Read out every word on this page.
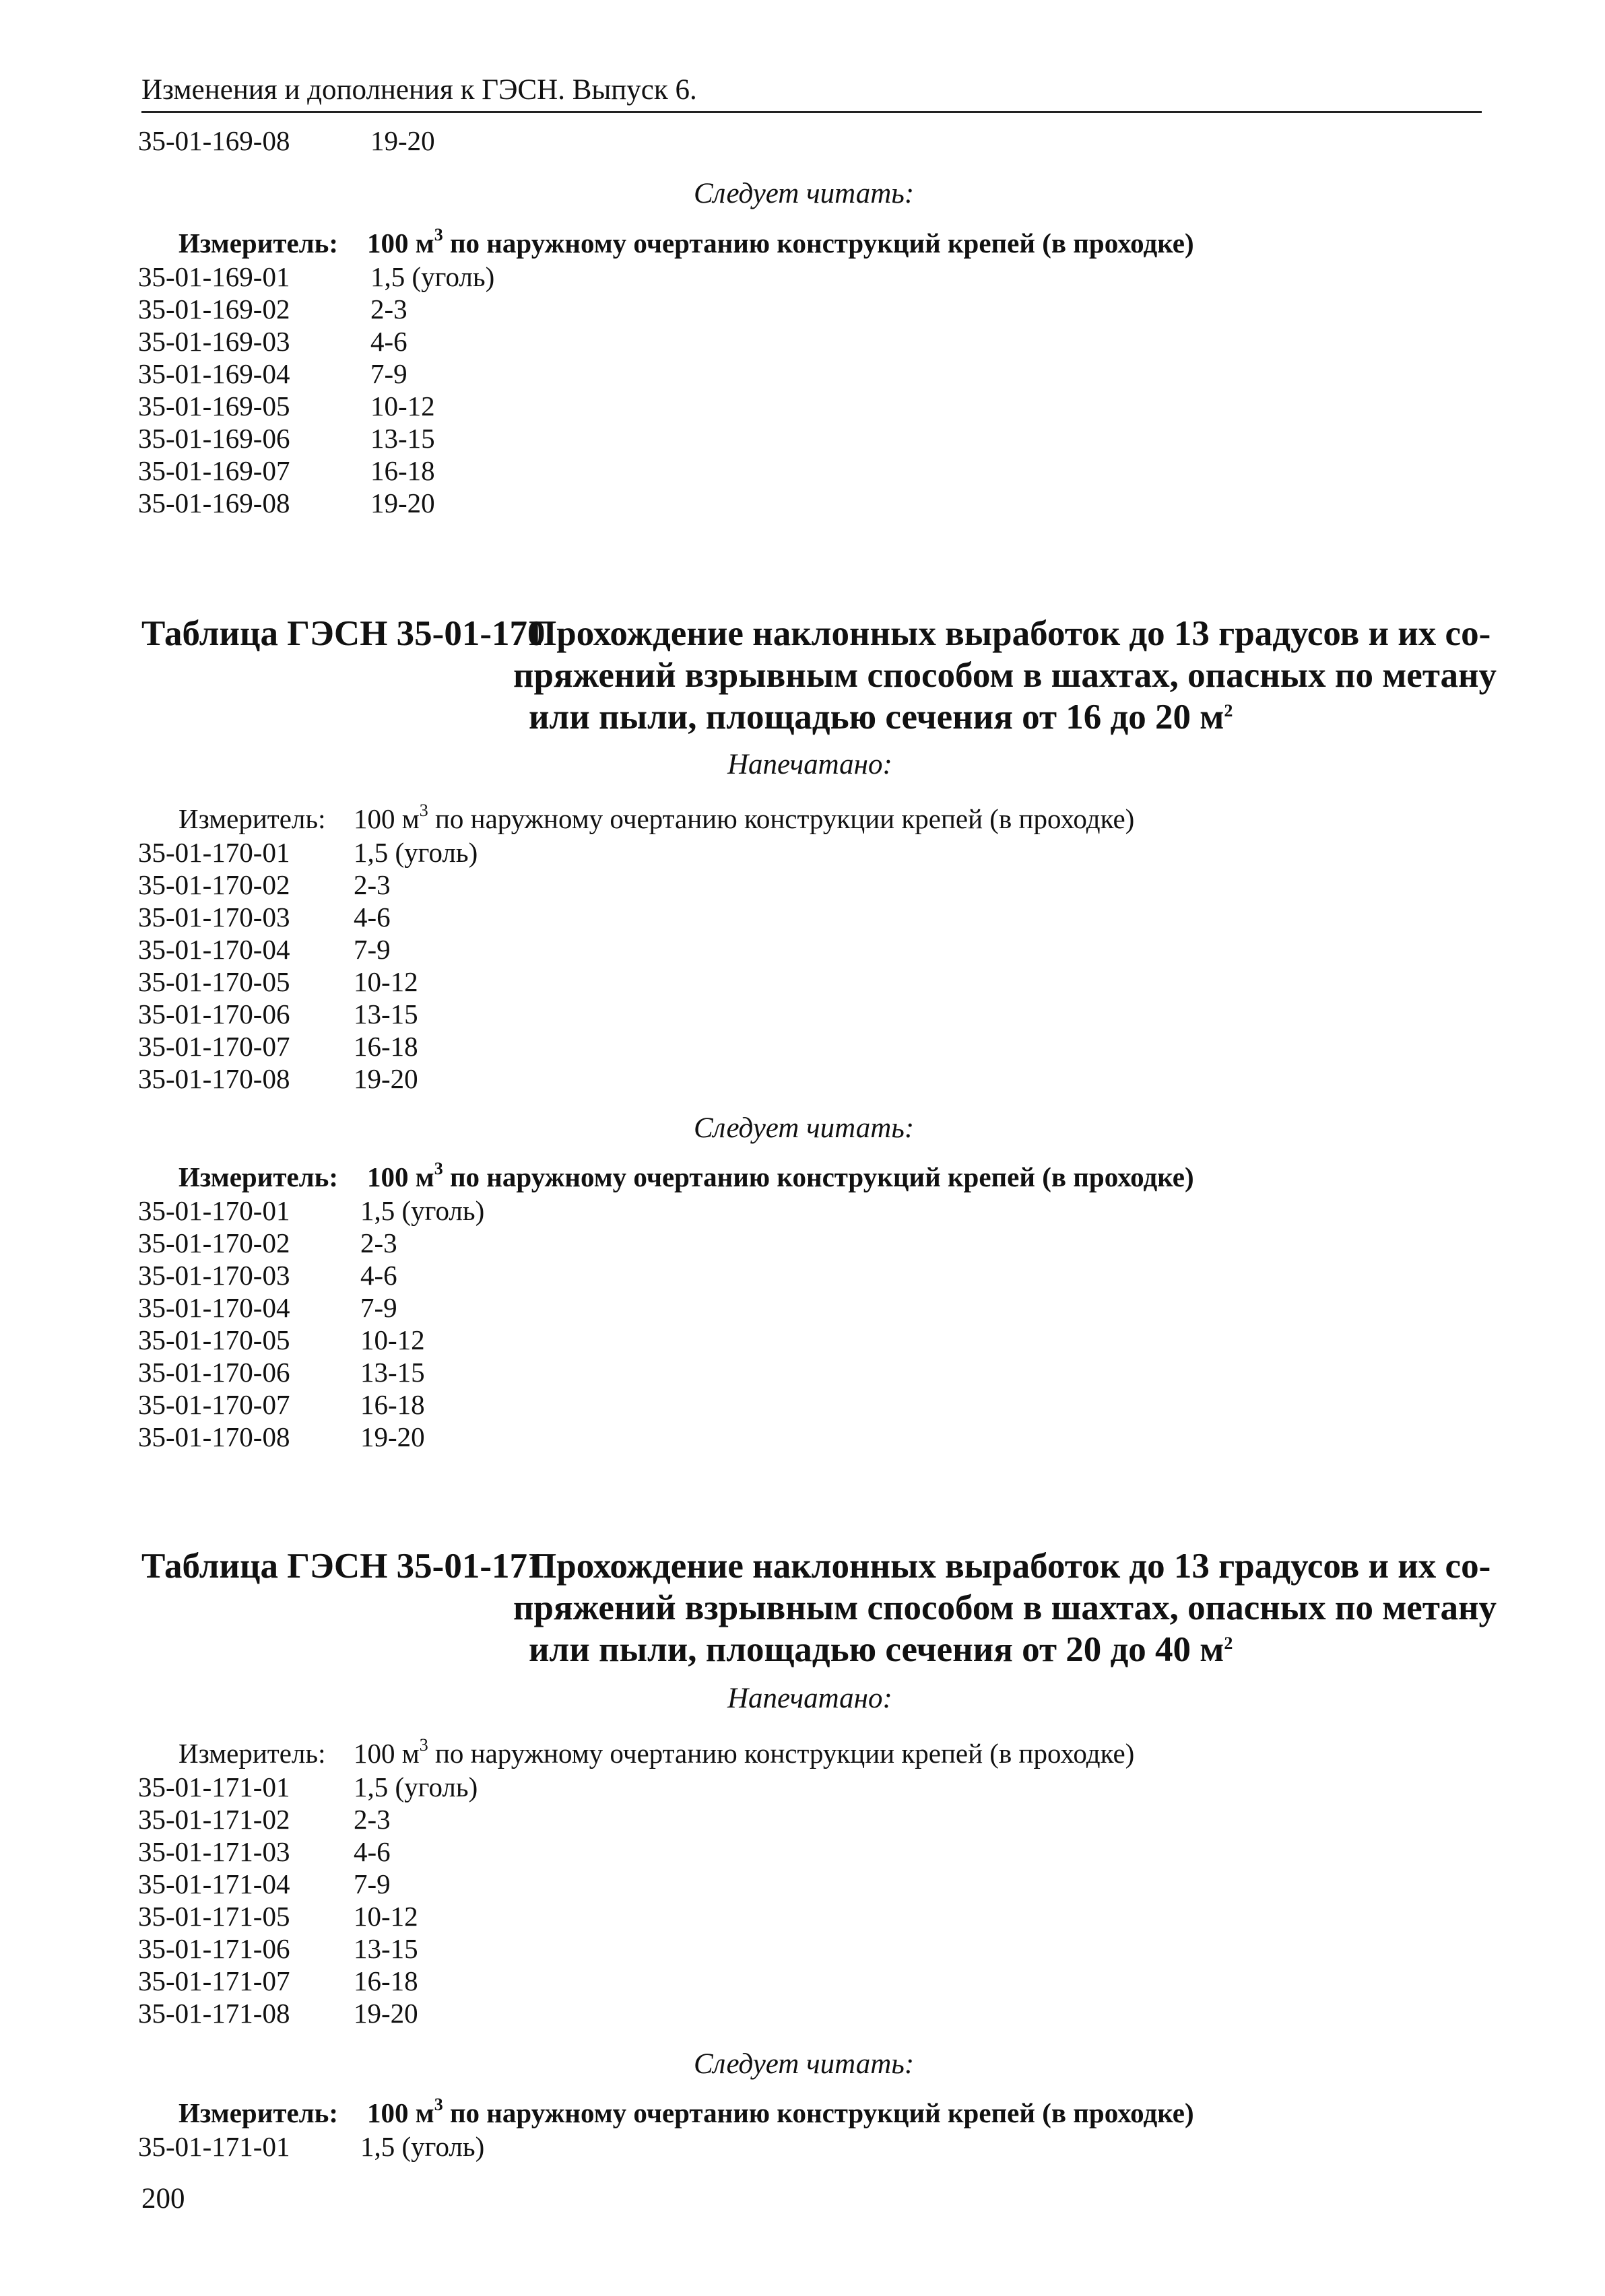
Изменения и дополнения к ГЭСН. Выпуск 6.
35-01-169-08	19-20
Следует читать:
Измеритель: 100 $м^3$ по наружному очертанию конструкций крепей (в проходке)
35-01-169-01	1,5 (уголь)
35-01-169-02	2-3
35-01-169-03	4-6
35-01-169-04	7-9
35-01-169-05	10-12
35-01-169-06	13-15
35-01-169-07	16-18
35-01-169-08	19-20
Таблица ГЭСН 35-01-170
Прохождение наклонных выработок до 13 градусов и их со-
пряжений взрывным способом в шахтах, опасных по метану
или пыли, площадью сечения от 16 до 20 $м^2$
Напечатано:
Измеритель: 100 $м^3$ по наружному очертанию конструкции крепей (в проходке)
35-01-170-01 1,5 (уголь)
35-01-170-02 2-3
35-01-170-03 4-6
35-01-170-04 7-9
35-01-170-05 10-12
35-01-170-06 13-15
35-01-170-07 16-18
35-01-170-08 19-20
Следует читать:
Измеритель: 100 $м^3$ по наружному очертанию конструкций крепей (в проходке)
35-01-170-01	1,5 (уголь)
35-01-170-02	2-3
35-01-170-03	4-6
35-01-170-04	7-9
35-01-170-05	10-12
35-01-170-06	13-15
35-01-170-07	16-18
35-01-170-08	19-20
Таблица ГЭСН 35-01-171
Прохождение наклонных выработок до 13 градусов и их со-
пряжений взрывным способом в шахтах, опасных по метану
или пыли, площадью сечения от 20 до 40 $м^2$
Напечатано:
Измеритель: 100 $м^3$ по наружному очертанию конструкции крепей (в проходке)
35-01-171-01 1,5 (уголь)
35-01-171-02 2-3
35-01-171-03 4-6
35-01-171-04 7-9
35-01-171-05 10-12
35-01-171-06 13-15
35-01-171-07 16-18
35-01-171-08 19-20
Следует читать:
Измеритель: 100 $м^3$ по наружному очертанию конструкций крепей (в проходке)
35-01-171-01	1,5 (уголь)
200
